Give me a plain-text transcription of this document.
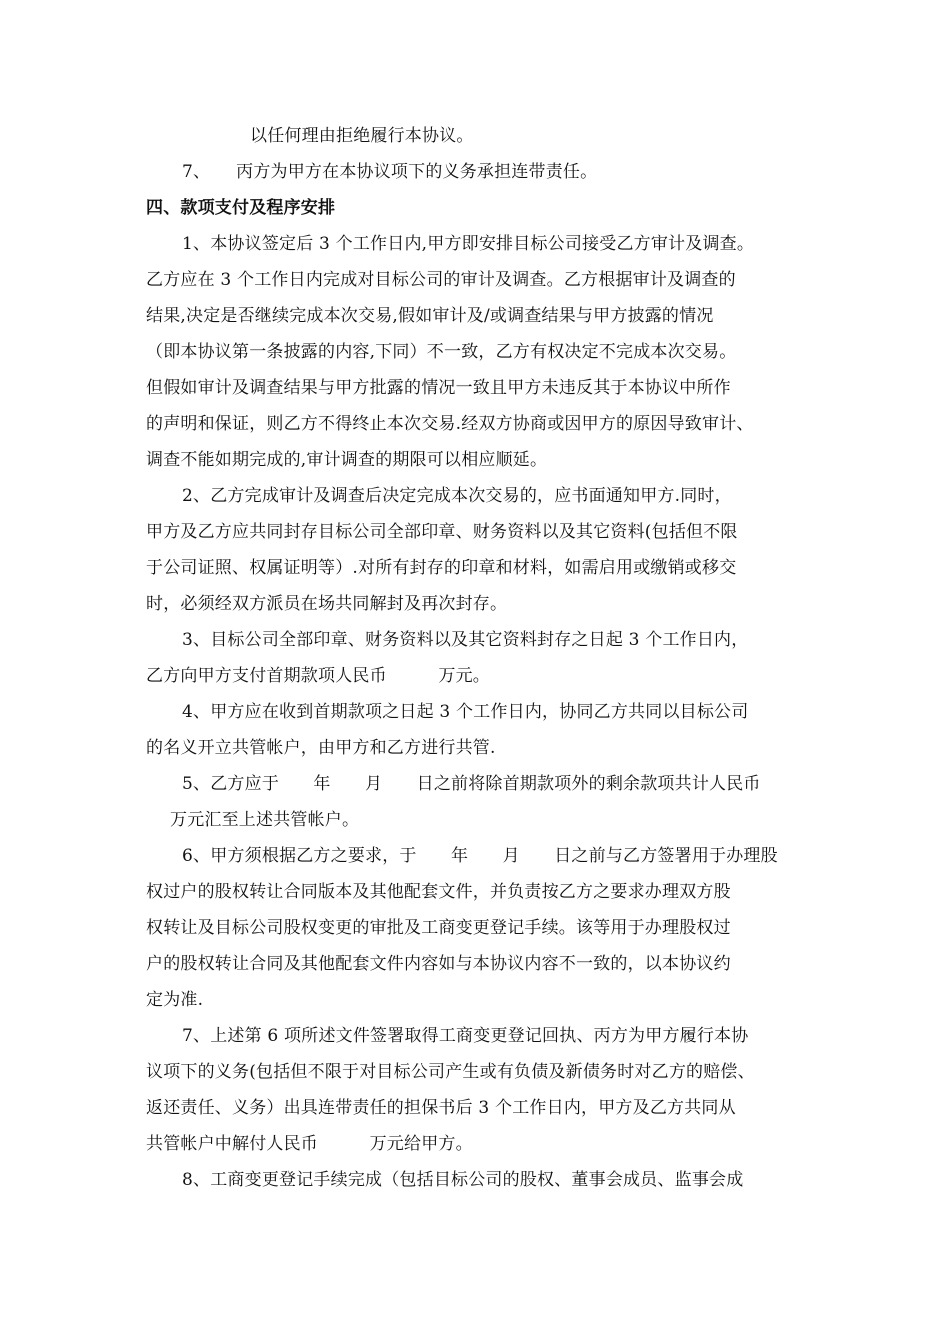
以任何理由拒绝履行本协议。
7、　　丙方为甲方在本协议项下的义务承担连带责任。
四、款项支付及程序安排
1、本协议签定后 3 个工作日内,甲方即安排目标公司接受乙方审计及调查。
乙方应在 3 个工作日内完成对目标公司的审计及调查。乙方根据审计及调查的
结果,决定是否继续完成本次交易,假如审计及/或调查结果与甲方披露的情况
（即本协议第一条披露的内容,下同）不一致，乙方有权决定不完成本次交易。
但假如审计及调查结果与甲方批露的情况一致且甲方未违反其于本协议中所作
的声明和保证，则乙方不得终止本次交易.经双方协商或因甲方的原因导致审计、
调查不能如期完成的,审计调查的期限可以相应顺延。
2、乙方完成审计及调查后决定完成本次交易的，应书面通知甲方.同时，
甲方及乙方应共同封存目标公司全部印章、财务资料以及其它资料(包括但不限
于公司证照、权属证明等）.对所有封存的印章和材料，如需启用或缴销或移交
时，必须经双方派员在场共同解封及再次封存。
3、目标公司全部印章、财务资料以及其它资料封存之日起 3 个工作日内，
乙方向甲方支付首期款项人民币　　　万元。
4、甲方应在收到首期款项之日起 3 个工作日内，协同乙方共同以目标公司
的名义开立共管帐户，由甲方和乙方进行共管.
5、乙方应于　　年　　月　　日之前将除首期款项外的剩余款项共计人民币
万元汇至上述共管帐户。
6、甲方须根据乙方之要求，于　　年　　月　　日之前与乙方签署用于办理股
权过户的股权转让合同版本及其他配套文件，并负责按乙方之要求办理双方股
权转让及目标公司股权变更的审批及工商变更登记手续。该等用于办理股权过
户的股权转让合同及其他配套文件内容如与本协议内容不一致的，以本协议约
定为准.
7、上述第 6 项所述文件签署取得工商变更登记回执、丙方为甲方履行本协
议项下的义务(包括但不限于对目标公司产生或有负债及新债务时对乙方的赔偿、
返还责任、义务）出具连带责任的担保书后 3 个工作日内，甲方及乙方共同从
共管帐户中解付人民币　　　万元给甲方。
8、工商变更登记手续完成（包括目标公司的股权、董事会成员、监事会成
